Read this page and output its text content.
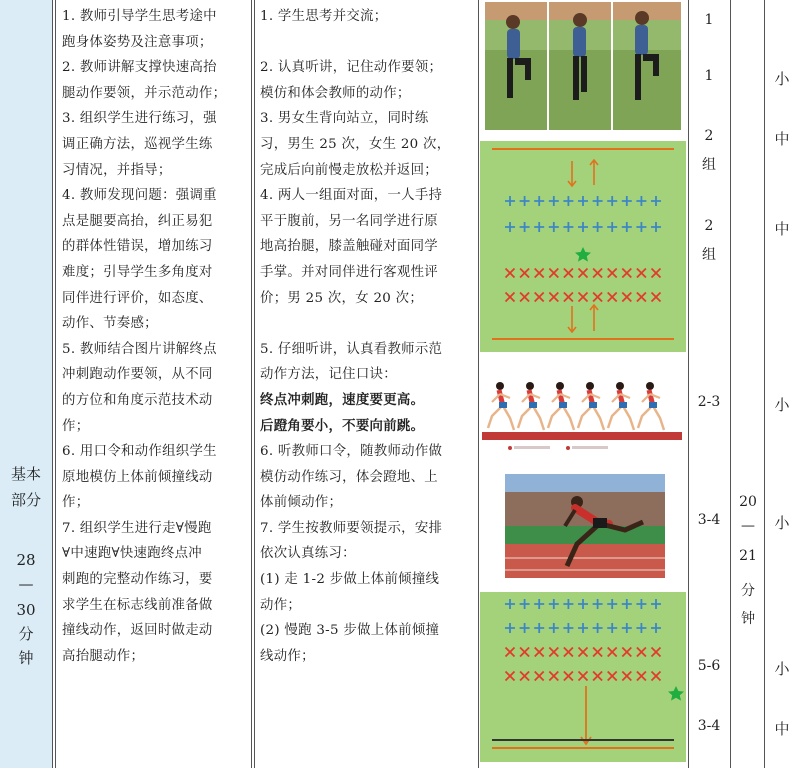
基本
部分
28
—
30
分
钟

1. 教师引导学生思考途中

跑身体姿势及注意事项；

2. 教师讲解支撑快速高抬

腿动作要领，并示范动作；

3. 组织学生进行练习，强

调正确方法，巡视学生练

习情况，并指导；

4. 教师发现问题：强调重

点是腿要高抬，纠正易犯

的群体性错误，增加练习

难度；引导学生多角度对

同伴进行评价，如态度、

动作、节奏感；

5. 教师结合图片讲解终点

冲刺跑动作要领，从不同

的方位和角度示范技术动

作；

6. 用口令和动作组织学生

原地模仿上体前倾撞线动

作；

7. 组织学生进行走∀慢跑

∀中速跑∀快速跑终点冲

刺跑的完整动作练习，要

求学生在标志线前准备做

撞线动作，返回时做走动

高抬腿动作；

1. 学生思考并交流；

2. 认真听讲，记住动作要领；

模仿和体会教师的动作；

3. 男女生背向站立，同时练

习，男生 25 次，女生 20 次，

完成后向前慢走放松并返回；

4. 两人一组面对面，一人手持

平于腹前，另一名同学进行原

地高抬腿，膝盖触碰对面同学

手掌。并对同伴进行客观性评

价；男 25 次，女 20 次；

5. 仔细听讲，认真看教师示范

动作方法，记住口诀：

终点冲刺跑，速度要更高。

后蹬角要小，不要向前跳。

6. 听教师口令，随教师动作做

模仿动作练习，体会蹬地、上

体前倾动作；

7. 学生按教师要领提示，安排

依次认真练习：

(1) 走 1-2 步做上体前倾撞线

动作；

(2) 慢跑 3-5 步做上体前倾撞

线动作；

1
1
2
组
2
组
2-3
3-4
5-6
3-4
20
—
21
分
钟
小
中
中
小
小
小
中
